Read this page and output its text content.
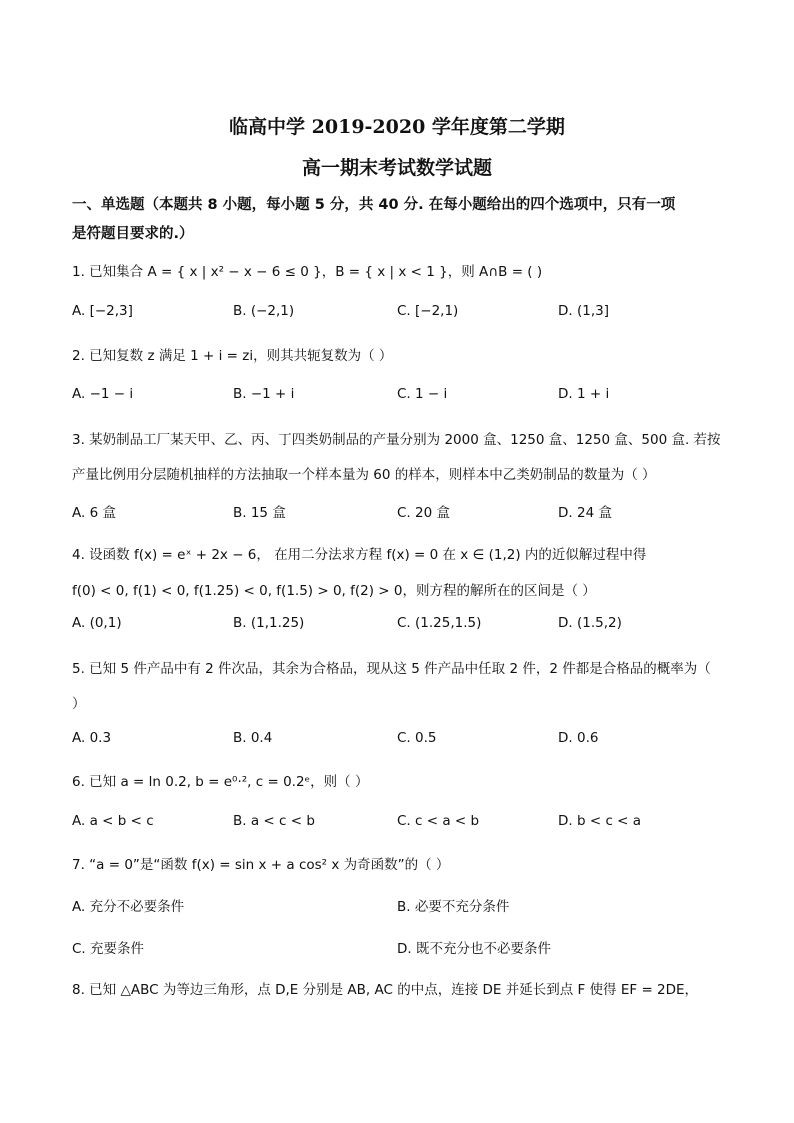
临高中学 2019-2020 学年度第二学期
高一期末考试数学试题
一、单选题（本题共 8 小题，每小题 5 分，共 40 分. 在每小题给出的四个选项中，只有一项
是符题目要求的.）
1. 已知集合 A = { x | x² − x − 6 ≤ 0 }，B = { x | x < 1 }，则 A∩B = ( )
A. [−2,3]	B. (−2,1)	C. [−2,1)	D. (1,3]
2. 已知复数 z 满足 1 + i = zi，则其共轭复数为（ ）
A. −1 − i	B. −1 + i	C. 1 − i	D. 1 + i
3. 某奶制品工厂某天甲、乙、丙、丁四类奶制品的产量分别为 2000 盒、1250 盒、1250 盒、500 盒. 若按
产量比例用分层随机抽样的方法抽取一个样本量为 60 的样本，则样本中乙类奶制品的数量为（ ）
A. 6 盒	B. 15 盒	C. 20 盒	D. 24 盒
4. 设函数 f(x) = eˣ + 2x − 6， 在用二分法求方程 f(x) = 0 在 x ∈ (1,2) 内的近似解过程中得
f(0) < 0, f(1) < 0, f(1.25) < 0, f(1.5) > 0, f(2) > 0，则方程的解所在的区间是（ ）
A. (0,1)	B. (1,1.25)	C. (1.25,1.5)	D. (1.5,2)
5. 已知 5 件产品中有 2 件次品，其余为合格品，现从这 5 件产品中任取 2 件，2 件都是合格品的概率为（
）
A. 0.3	B. 0.4	C. 0.5	D. 0.6
6. 已知 a = ln 0.2, b = e⁰·², c = 0.2ᵉ，则（ ）
A. a < b < c	B. a < c < b	C. c < a < b	D. b < c < a
7. “a = 0”是“函数 f(x) = sin x + a cos² x 为奇函数”的（ ）
A. 充分不必要条件	B. 必要不充分条件
C. 充要条件	D. 既不充分也不必要条件
8. 已知 △ABC 为等边三角形，点 D,E 分别是 AB, AC 的中点，连接 DE 并延长到点 F 使得 EF = 2DE，
